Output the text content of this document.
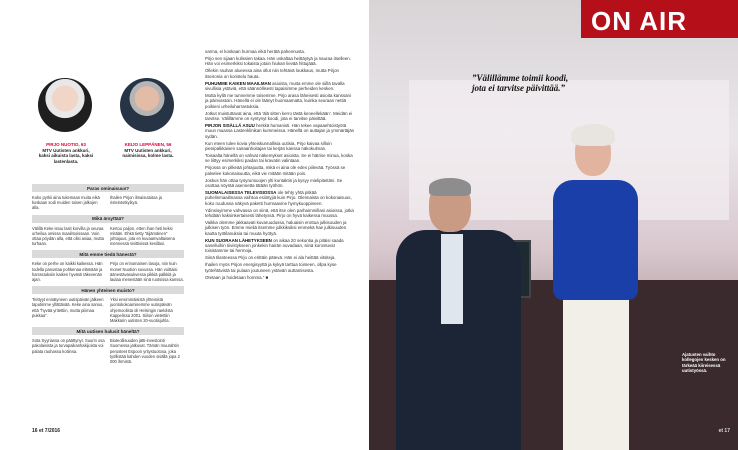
PIRJO NUOTIO, 63
MTV Uutisten ankkuri, kaksi aikuista lasta, kaksi lastenlasta.
KEIJO LEPPÄNEN, 56
MTV Uutisten ankkuri, naimisissa, kolme lasta.
Paras ominaisuus?
Koko pyrkii aina tukemaan muita eikä koskaan sodi muiden toisen jalkojen alla.
Ihailen Pirjon ilmaisutaitoa ja risteintotkyikyä.
Mikä ärsyttää?
Välillä Keke istuu lasit korvilla ja seuraa urheilua omissa maailmoissaan. Voin ottaa pöydän alla, että olisi asiaa, mutta turhaan.
Kertoo paljon, etten ihan heti keksi mitään. Ehkä tietty ”äijämäinen” johtajuus, jota en kuvaamvaltaisena mennessä sivittisissä kesillasi.
Mitä emme tiedä hänestä?
Keke on perhe on kaikki kaikessa. Hän todella panostaa pohkenaa elämään ja harrastuksiin kaiken hyvästi täkevenän ajan.
Pirjo on erinomainen lasoja, niin kuin monet Nuotion suvussa. Hän voittaisi äänestävasukvessa pikkiä palkkiä ja laulaa menestään sinä ruotsissa kanssa.
Hänen yhteinen muisto?
Tiettyyt ennätyneen uutispäivän jälkeen taputimme yllättävää. Keke aina sanoo, että ”hyvää yritettiin, mutta piiimaa pukkaa”.
Yksi ensimmäisistä yhteisistä juontokokoamisemme uutispäivän ohjemoolista oli Helsingin raelolsta Kappelissa 2001. Siiloin vietettiin Makkarin uutisten 20-vuotisjuhla.
Mitä uutisen halusit häneltä?
Sota Syyriassa on päättynyt. Suurin osa pakolaisista ja turvapaikanhakijoista voi palata rauhassa kotiinsa.
Bioteollisuuden jätti-investointi Suomessa jatkuvat. Tämän muurahtin perusteet Espoon yritystuotosa, joka työllistää kahden vuoden sisällä jopa 2 000 ihmistä.
16 et 7/2016

varma, ei koskaan hurmaa eikä herätä pahennusta.

Pirjo sen sijaan kulissien takaa. Hän uskaltaa heittäytyä ja nauraa itselleen. Hän voi esimerkiksi tokaista jotain hiukan lievää hittujäää.

Ollekin rauhan alueessa aina ollut niin tehtävä loukkaus, mutta Pirjon itseironia on koristelu hauta.

PUHUMME KAIKEN MAAILMAN asioista, mutta emme ole siillä tavalla sivullisia ystäviä, että säännöllisesti tapaisimme perheiden kesken.

Mutta kyllä me tunnemme toisemme. Pirjo arasa läheisesti asioita kanssani ja päinvastoin. Hänellä ei ole läänyt huomaamatta, kuinka seuraan nettiä poikieni urheiluharrastuksia.

Jotkut muistuttavat aina, että ’älä sitten kerro tästä keneellekään’. Meidän ei tarvitse. Välillämme on syntynyt koodi, jota ei tarvitse päivittää.

PIRJON SISÄLLÄ ASUU herkkä humanisti. Hän tekee vapaaehtoistyötä muun muassa Lastenklinikan kummeissa. Hänellä on auttajan ja ymmärtäjän sydän.

Kun eteen tulee kovia yhteiskunnallisia uutisia, Pirjo kaivaa silloin pienipalkkaisen sairaanhoitajan tai kerjän kanssa näkokulman.

Toisaalta hänellä on vahvat näkemykset asioista. Se ei hätrise minua, koska se liittyy esimerkiksi paidan tai kravatin valintaan.

Pirjossa on pilkeää johtajuutta, mikä ei aina ole edes piilevää. Työssä se palvelee kokonaisuutta, eikä vie mitään mitään pois.

Joskus hän ottaa työyrunsuojen ylti kontaktin ja kysyy mielipiteitäni. Se osottaa nöyrää asennetta tätään työhön.

SUOMALAISESSA TELEVISIOSSA ole tehty yhtä pitkää puhelinmaailmassa vaihtoa esiintyjiä kuin Pirjo. Olennaista on kokonaisuus, koko ruudussa näkyvä paketti hurmaavine hymykuoppineen.

Ydinsisyimme vahvassa on siinä, että itse olen parhaimmillani asioissa, jotka tehdään kaksinkertaisesti lähetyssä. Pirjo on hyvä kaikessa muussa.

Vaikka olemme jakkaavati kuvaruudussa, haluaisin erottua julkisuuden ja julkisen työn. Emme mieliä itsemme julkkiksiksi emmekä hae julkisuuden kautta työtilanuksia tai muuta hyötyä.

KUN SUORAAN LÄHETYKSEEN on aikaa 20 sekuntia ja pitäisi saada sanelluihin tiivistykseen jonkekin hairän nuvadaan, siinä korostuvat toisistamme tai hermoja.

Siinä tilanteessa Pirjo on erittäin pätevä. Hän ei ala heittää vitsiteja.

Ihailen myös Pirjon energisyyttä ja kykyä tarttua toimeen, ollpa kyse työtehtävistä tai pulaan joutuneen ystävän auttamisesta.

Otetaan ja hoidetaan homma.” ■

ON AIR
”Välillämme toimii koodi, jota ei tarvitse päivittää.”
Ajatusten vaihto kollegojen kesken on tärkeää kiireisessä uutistyössä.
et 17
